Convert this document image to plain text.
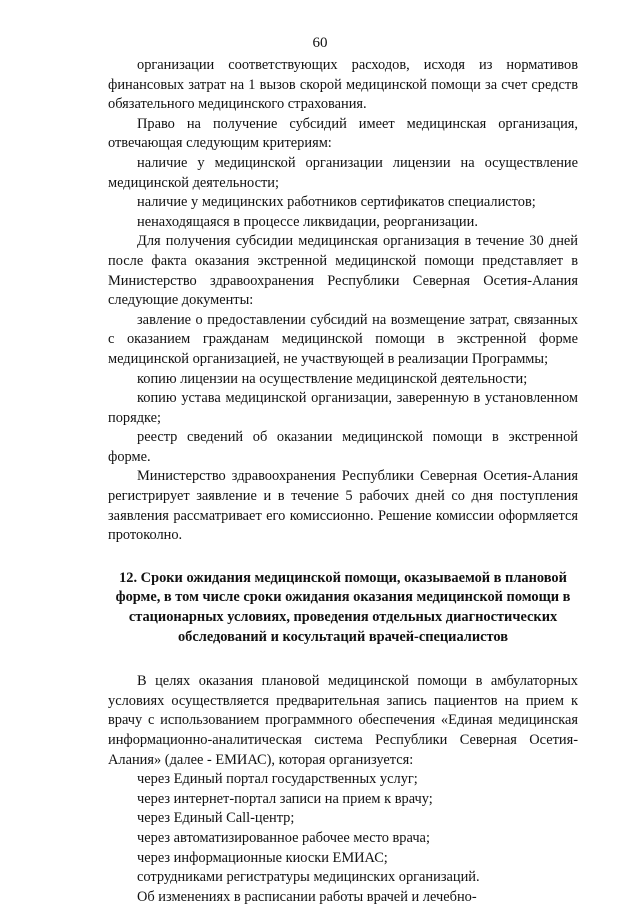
60

организации соответствующих расходов, исходя из нормативов финансовых затрат на 1 вызов скорой медицинской помощи за счет средств обязательного медицинского страхования.

Право на получение субсидий имеет медицинская организация, отвечающая следующим критериям:

наличие у медицинской организации лицензии на осуществление медицинской деятельности;

наличие у медицинских работников сертификатов специалистов;

ненаходящаяся в процессе ликвидации, реорганизации.

Для получения субсидии медицинская организация в течение 30 дней после факта оказания экстренной медицинской помощи представляет в Министерство здравоохранения Республики Северная Осетия-Алания следующие документы:

завление о предоставлении субсидий на возмещение затрат, связанных с оказанием гражданам медицинской помощи в экстренной форме медицинской организацией, не участвующей в реализации Программы;

копию лицензии на осуществление медицинской деятельности;

копию устава медицинской организации, заверенную в установленном порядке;

реестр сведений об оказании медицинской помощи в экстренной форме.

Министерство здравоохранения Республики Северная Осетия-Алания регистрирует заявление и в течение 5 рабочих дней со дня поступления заявления рассматривает его комиссионно. Решение комиссии оформляется протоколно.

12. Сроки ожидания медицинской помощи, оказываемой в плановой форме, в том числе сроки ожидания оказания медицинской помощи в стационарных условиях, проведения отдельных диагностических обследований и косультаций врачей-специалистов

В целях оказания плановой медицинской помощи в амбулаторных условиях осуществляется предварительная запись пациентов на прием к врачу с использованием программного обеспечения «Единая медицинская информационно-аналитическая система Республики Северная Осетия-Алания» (далее - ЕМИАС), которая организуется:

через Единый портал государственных услуг;

через интернет-портал записи на прием к врачу;

через Единый Call-центр;

через автоматизированное рабочее место врача;

через информационные киоски ЕМИАС;

сотрудниками регистратуры медицинских организаций.

Об изменениях в расписании работы врачей и лечебно-
